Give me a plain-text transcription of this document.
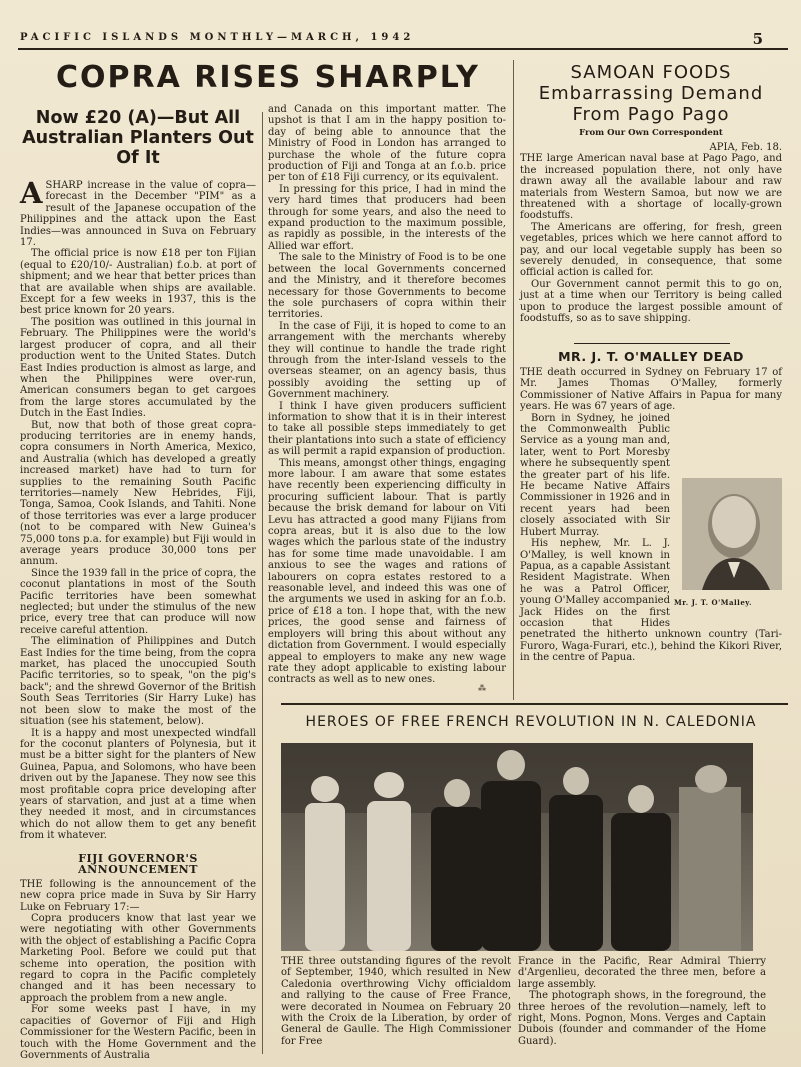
PACIFIC ISLANDS MONTHLY—MARCH, 1942	5
COPRA RISES SHARPLY
Now £20 (A)—But All Australian Planters Out Of It

A SHARP increase in the value of copra—forecast in the December "PIM" as a result of the Japanese occupation of the Philippines and the attack upon the East Indies—was announced in Suva on February 17.

The official price is now £18 per ton Fijian (equal to £20/10/- Australian) f.o.b. at port of shipment; and we hear that better prices than that are available when ships are available. Except for a few weeks in 1937, this is the best price known for 20 years.

The position was outlined in this journal in February. The Philippines were the world's largest producer of copra, and all their production went to the United States. Dutch East Indies production is almost as large, and when the Philippines were over-run, American consumers began to get cargoes from the large stores accumulated by the Dutch in the East Indies.

But, now that both of those great copra-producing territories are in enemy hands, copra consumers in North America, Mexico, and Australia (which has developed a greatly increased market) have had to turn for supplies to the remaining South Pacific territories—namely New Hebrides, Fiji, Tonga, Samoa, Cook Islands, and Tahiti. None of those territories was ever a large producer (not to be compared with New Guinea's 75,000 tons p.a. for example) but Fiji would in average years produce 30,000 tons per annum.

Since the 1939 fall in the price of copra, the coconut plantations in most of the South Pacific territories have been somewhat neglected; but under the stimulus of the new price, every tree that can produce will now receive careful attention.

The elimination of Philippines and Dutch East Indies for the time being, from the copra market, has placed the unoccupied South Pacific territories, so to speak, "on the pig's back"; and the shrewd Governor of the British South Seas Territories (Sir Harry Luke) has not been slow to make the most of the situation (see his statement, below).

It is a happy and most unexpected windfall for the coconut planters of Polynesia, but it must be a bitter sight for the planters of New Guinea, Papua, and Solomons, who have been driven out by the Japanese. They now see this most profitable copra price developing after years of starvation, and just at a time when they needed it most, and in circumstances which do not allow them to get any benefit from it whatever.

FIJI GOVERNOR'S ANNOUNCEMENT

THE following is the announcement of the new copra price made in Suva by Sir Harry Luke on February 17:—

Copra producers know that last year we were negotiating with other Governments with the object of establishing a Pacific Copra Marketing Pool. Before we could put that scheme into operation, the position with regard to copra in the Pacific completely changed and it has been necessary to approach the problem from a new angle.

For some weeks past I have, in my capacities of Governor of Fiji and High Commissioner for the Western Pacific, been in touch with the Home Government and the Governments of Australia

and Canada on this important matter. The upshot is that I am in the happy position to-day of being able to announce that the Ministry of Food in London has arranged to purchase the whole of the future copra production of Fiji and Tonga at an f.o.b. price per ton of £18 Fiji currency, or its equivalent.

In pressing for this price, I had in mind the very hard times that producers had been through for some years, and also the need to expand production to the maximum possible, as rapidly as possible, in the interests of the Allied war effort.

The sale to the Ministry of Food is to be one between the local Governments concerned and the Ministry, and it therefore becomes necessary for those Governments to become the sole purchasers of copra within their territories.

In the case of Fiji, it is hoped to come to an arrangement with the merchants whereby they will continue to handle the trade right through from the inter-Island vessels to the overseas steamer, on an agency basis, thus possibly avoiding the setting up of Government machinery.

I think I have given producers sufficient information to show that it is in their interest to take all possible steps immediately to get their plantations into such a state of efficiency as will permit a rapid expansion of production.

This means, amongst other things, engaging more labour. I am aware that some estates have recently been experiencing difficulty in procuring sufficient labour. That is partly because the brisk demand for labour on Viti Levu has attracted a good many Fijians from copra areas, but it is also due to the low wages which the parlous state of the industry has for some time made unavoidable. I am anxious to see the wages and rations of labourers on copra estates restored to a reasonable level, and indeed this was one of the arguments we used in asking for an f.o.b. price of £18 a ton. I hope that, with the new prices, the good sense and fairness of employers will bring this about without any dictation from Government. I would especially appeal to employers to make any new wage rate they adopt applicable to existing labour contracts as well as to new ones.

⁂
SAMOAN FOODS Embarrassing Demand From Pago Pago
From Our Own Correspondent
APIA, Feb. 18.

THE large American naval base at Pago Pago, and the increased population there, not only have drawn away all the available labour and raw materials from Western Samoa, but now we are threatened with a shortage of locally-grown foodstuffs.

The Americans are offering, for fresh, green vegetables, prices which we here cannot afford to pay, and our local vegetable supply has been so severely denuded, in consequence, that some official action is called for.

Our Government cannot permit this to go on, just at a time when our Territory is being called upon to produce the largest possible amount of foodstuffs, so as to save shipping.

MR. J. T. O'MALLEY DEAD

THE death occurred in Sydney on February 17 of Mr. James Thomas O'Malley, formerly Commissioner of Native Affairs in Papua for many years. He was 67 years of age.

Born in Sydney, he joined the Commonwealth Public Service as a young man and, later, went to Port Moresby where he subsequently spent the greater part of his life. He became Native Affairs Commissioner in 1926 and in recent years had been closely associated with Sir Hubert Murray.

His nephew, Mr. L. J. O'Malley, is well known in Papua, as a capable Assistant Resident Magistrate. When he was a Patrol Officer, young O'Malley accompanied Jack Hides on the first occasion that Hides penetrated the hitherto unknown country (Tari-Furoro, Waga-Furari, etc.), behind the Kikori River, in the centre of Papua.

Mr. J. T. O'Malley.
HEROES OF FREE FRENCH REVOLUTION IN N. CALEDONIA

THE three outstanding figures of the revolt of September, 1940, which resulted in New Caledonia overthrowing Vichy officialdom and rallying to the cause of Free France, were decorated in Noumea on February 20 with the Croix de la Liberation, by order of General de Gaulle. The High Commissioner for Free

France in the Pacific, Rear Admiral Thierry d'Argenlieu, decorated the three men, before a large assembly.

The photograph shows, in the foreground, the three heroes of the revolution—namely, left to right, Mons. Pognon, Mons. Verges and Captain Dubois (founder and commander of the Home Guard).
